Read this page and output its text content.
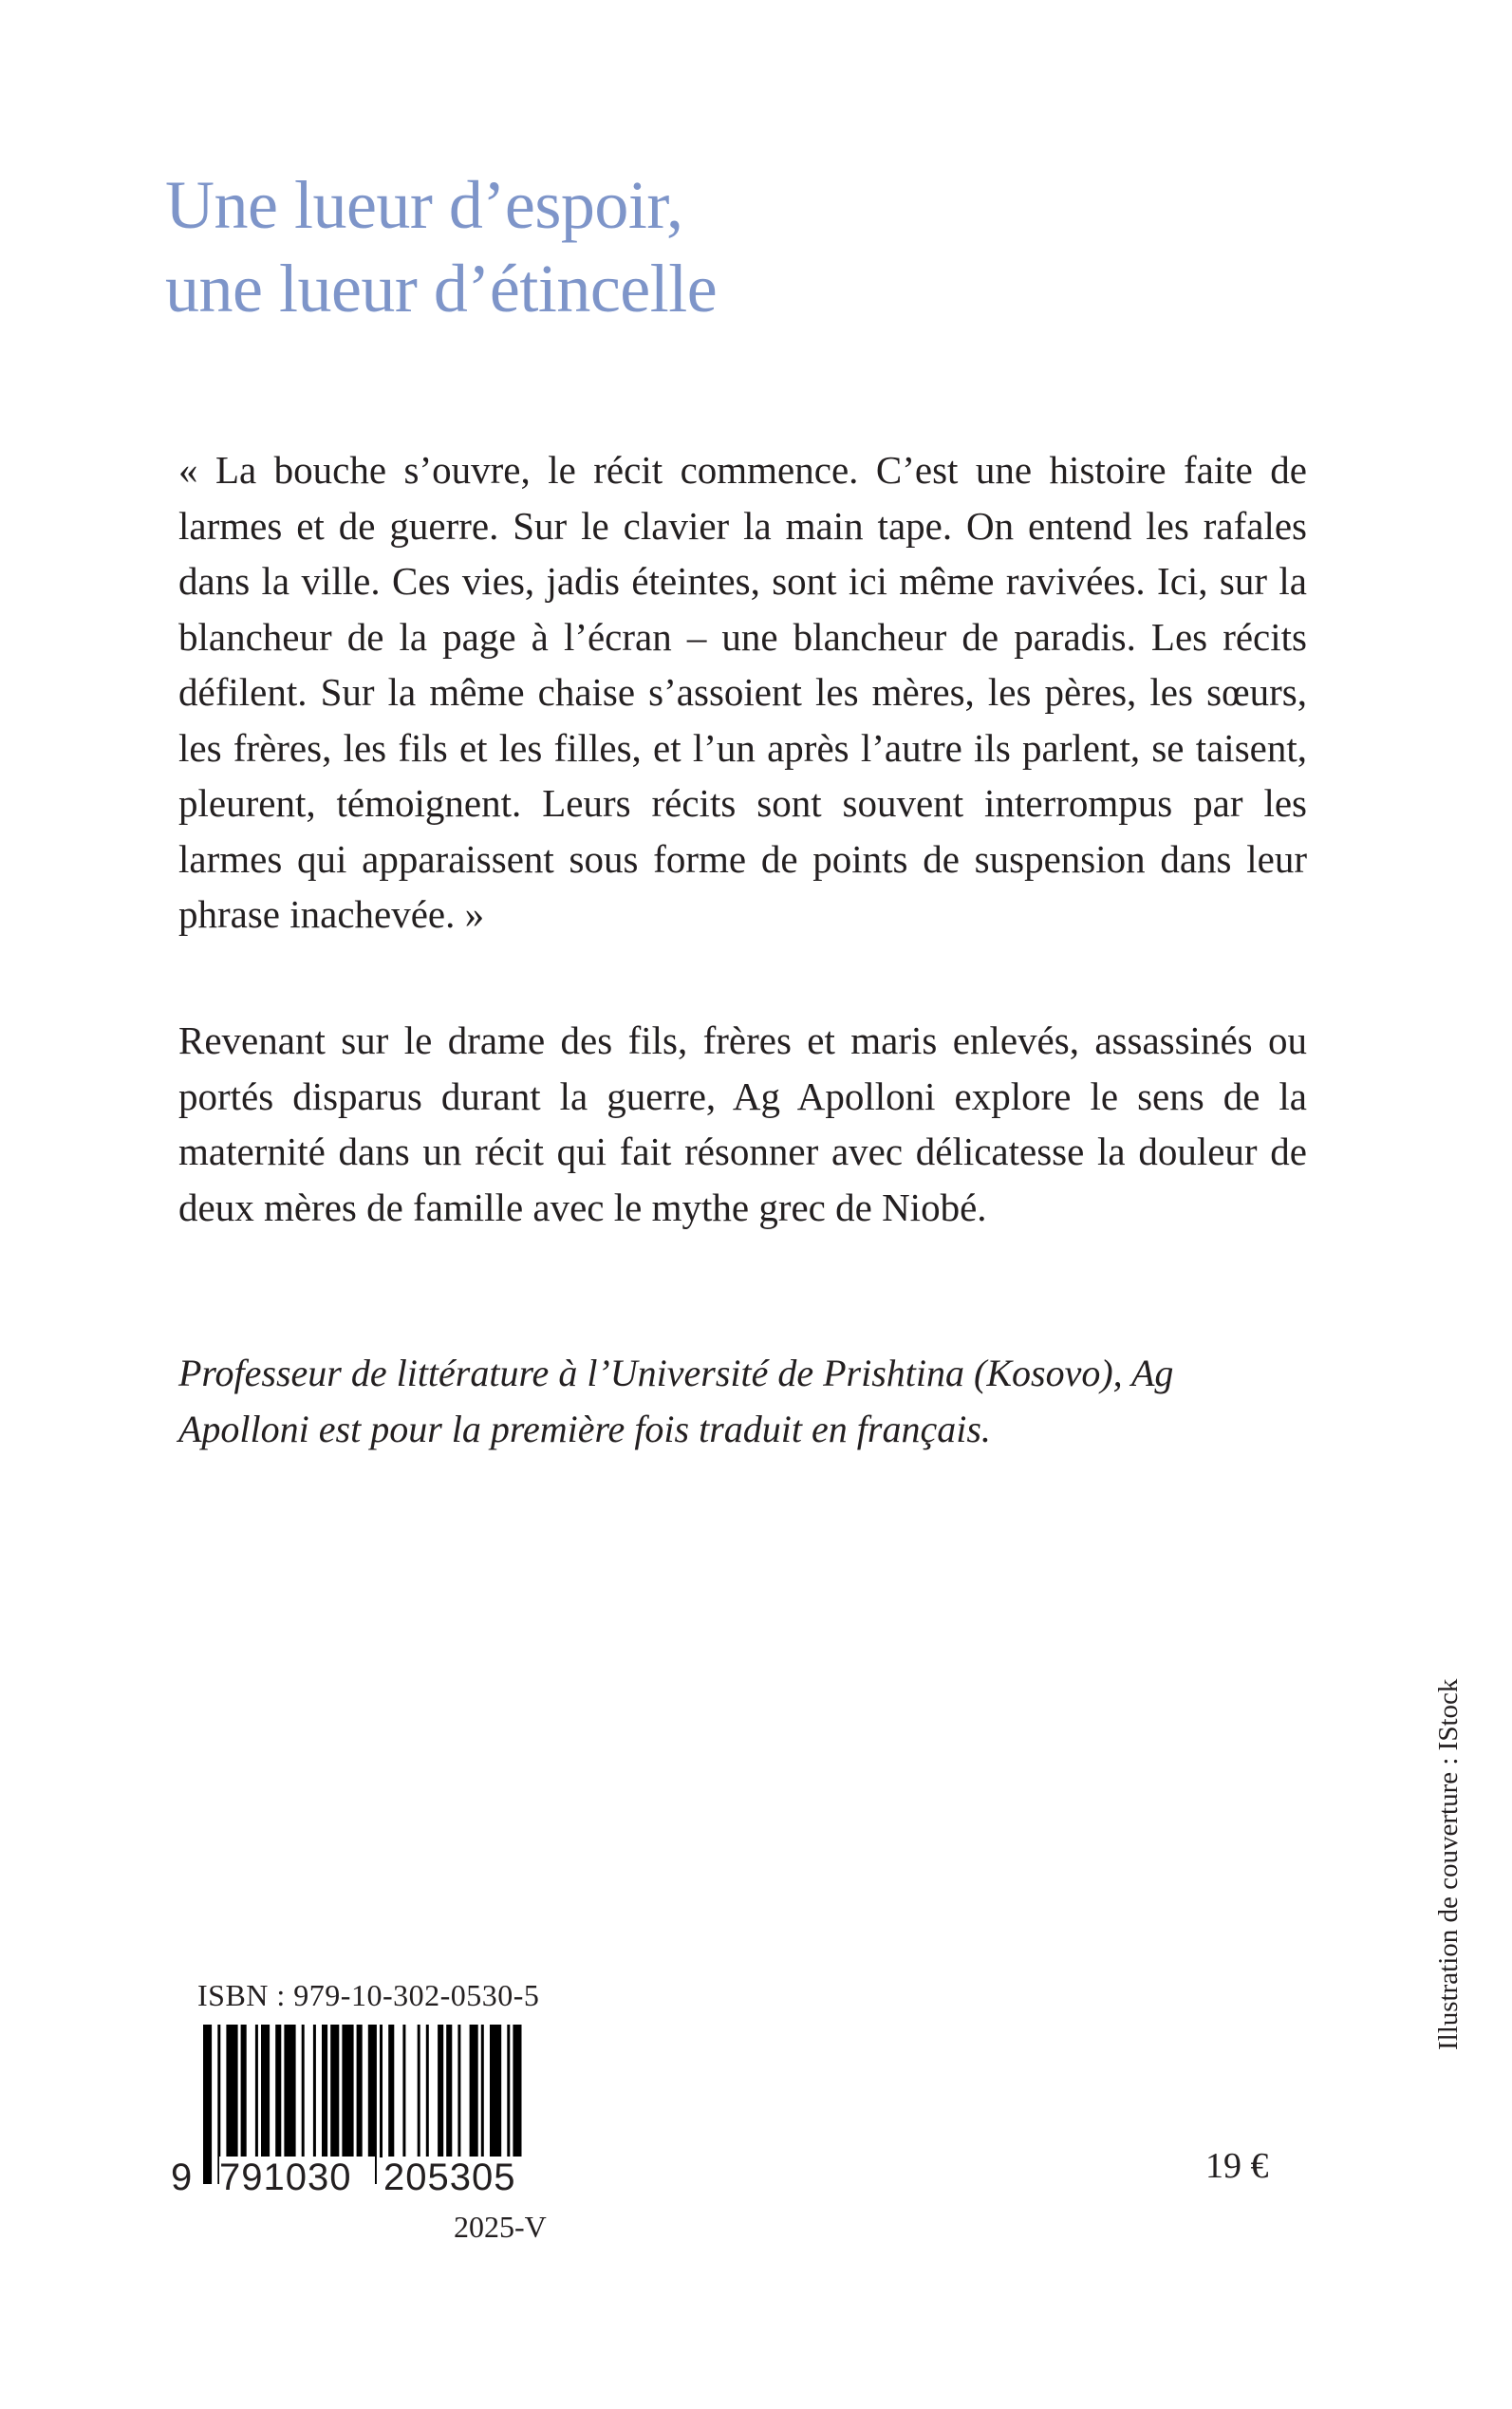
Une lueur d’espoir,
une lueur d’étincelle

« La bouche s’ouvre, le récit commence. C’est une histoire faite de larmes et de guerre. Sur le clavier la main tape. On entend les rafales dans la ville. Ces vies, jadis éteintes, sont ici même ravivées. Ici, sur la blancheur de la page à l’écran – une blancheur de paradis. Les récits défilent. Sur la même chaise s’assoient les mères, les pères, les sœurs, les frères, les fils et les filles, et l’un après l’autre ils parlent, se taisent, pleurent, témoignent. Leurs récits sont souvent interrompus par les larmes qui apparaissent sous forme de points de suspension dans leur phrase inachevée. »

Revenant sur le drame des fils, frères et maris enlevés, assassinés ou portés disparus durant la guerre, Ag Apolloni explore le sens de la maternité dans un récit qui fait résonner avec délicatesse la douleur de deux mères de famille avec le mythe grec de Niobé.

Professeur de littérature à l’Université de Prishtina (Kosovo), Ag Apolloni est pour la première fois traduit en français.

Illustration de couverture : IStock
ISBN : 979-10-302-0530-5
9 791030 205305
2025-V
19 €
